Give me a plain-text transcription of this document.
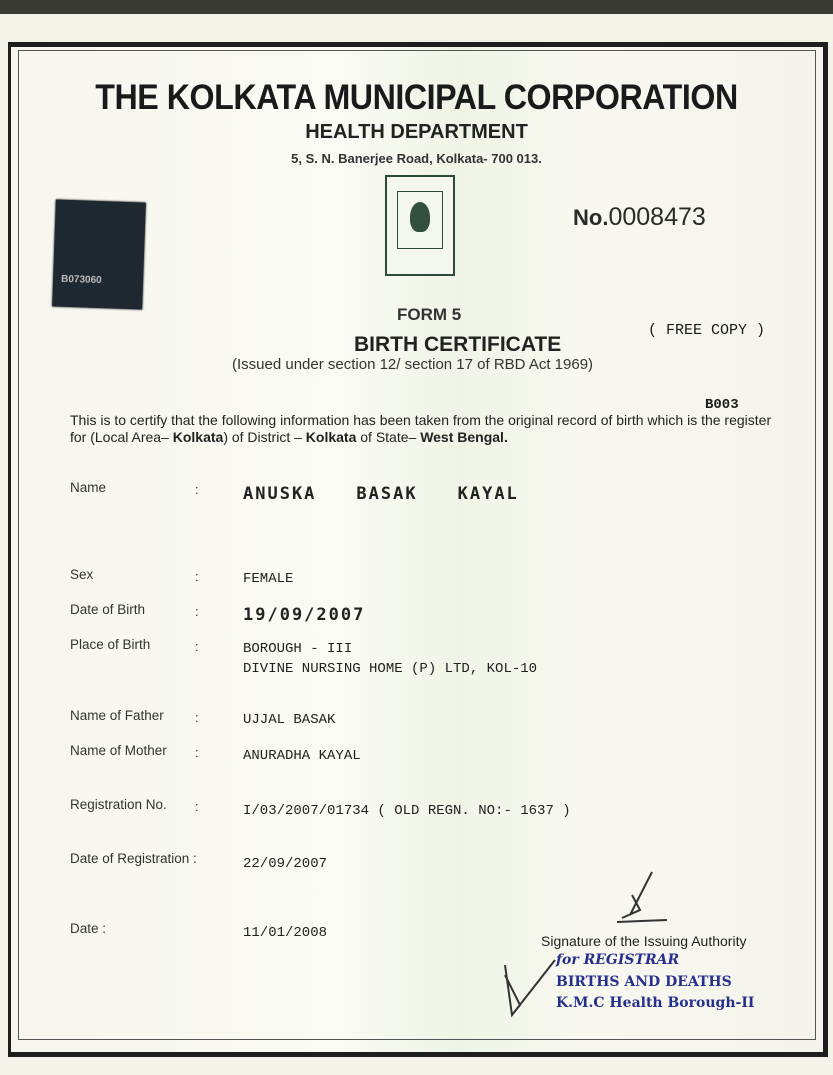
THE KOLKATA MUNICIPAL CORPORATION
HEALTH DEPARTMENT
5, S. N. Banerjee Road, Kolkata- 700 013.
No.0008473
B073060
FORM 5
BIRTH CERTIFICATE
(Issued under section 12/ section 17 of RBD Act 1969)
( FREE COPY )
B003
This is to certify that the following information has been taken from the original record of birth which is the register
for (Local Area– Kolkata) of District – Kolkata of State– West Bengal.
Name	:	ANUSKA BASAK KAYAL
Sex	:	FEMALE
Date of Birth	:	19/09/2007
Place of Birth	:	BOROUGH - III
DIVINE NURSING HOME (P) LTD, KOL-10
Name of Father :	UJJAL BASAK
Name of Mother :	ANURADHA KAYAL
Registration No. :	I/03/2007/01734 ( OLD REGN. NO:- 1637 )
Date of Registration :	22/09/2007
Date :	11/01/2008	Signature of the Issuing Authority
for REGISTRAR
BIRTHS AND DEATHS
K.M.C Health Borough-II
